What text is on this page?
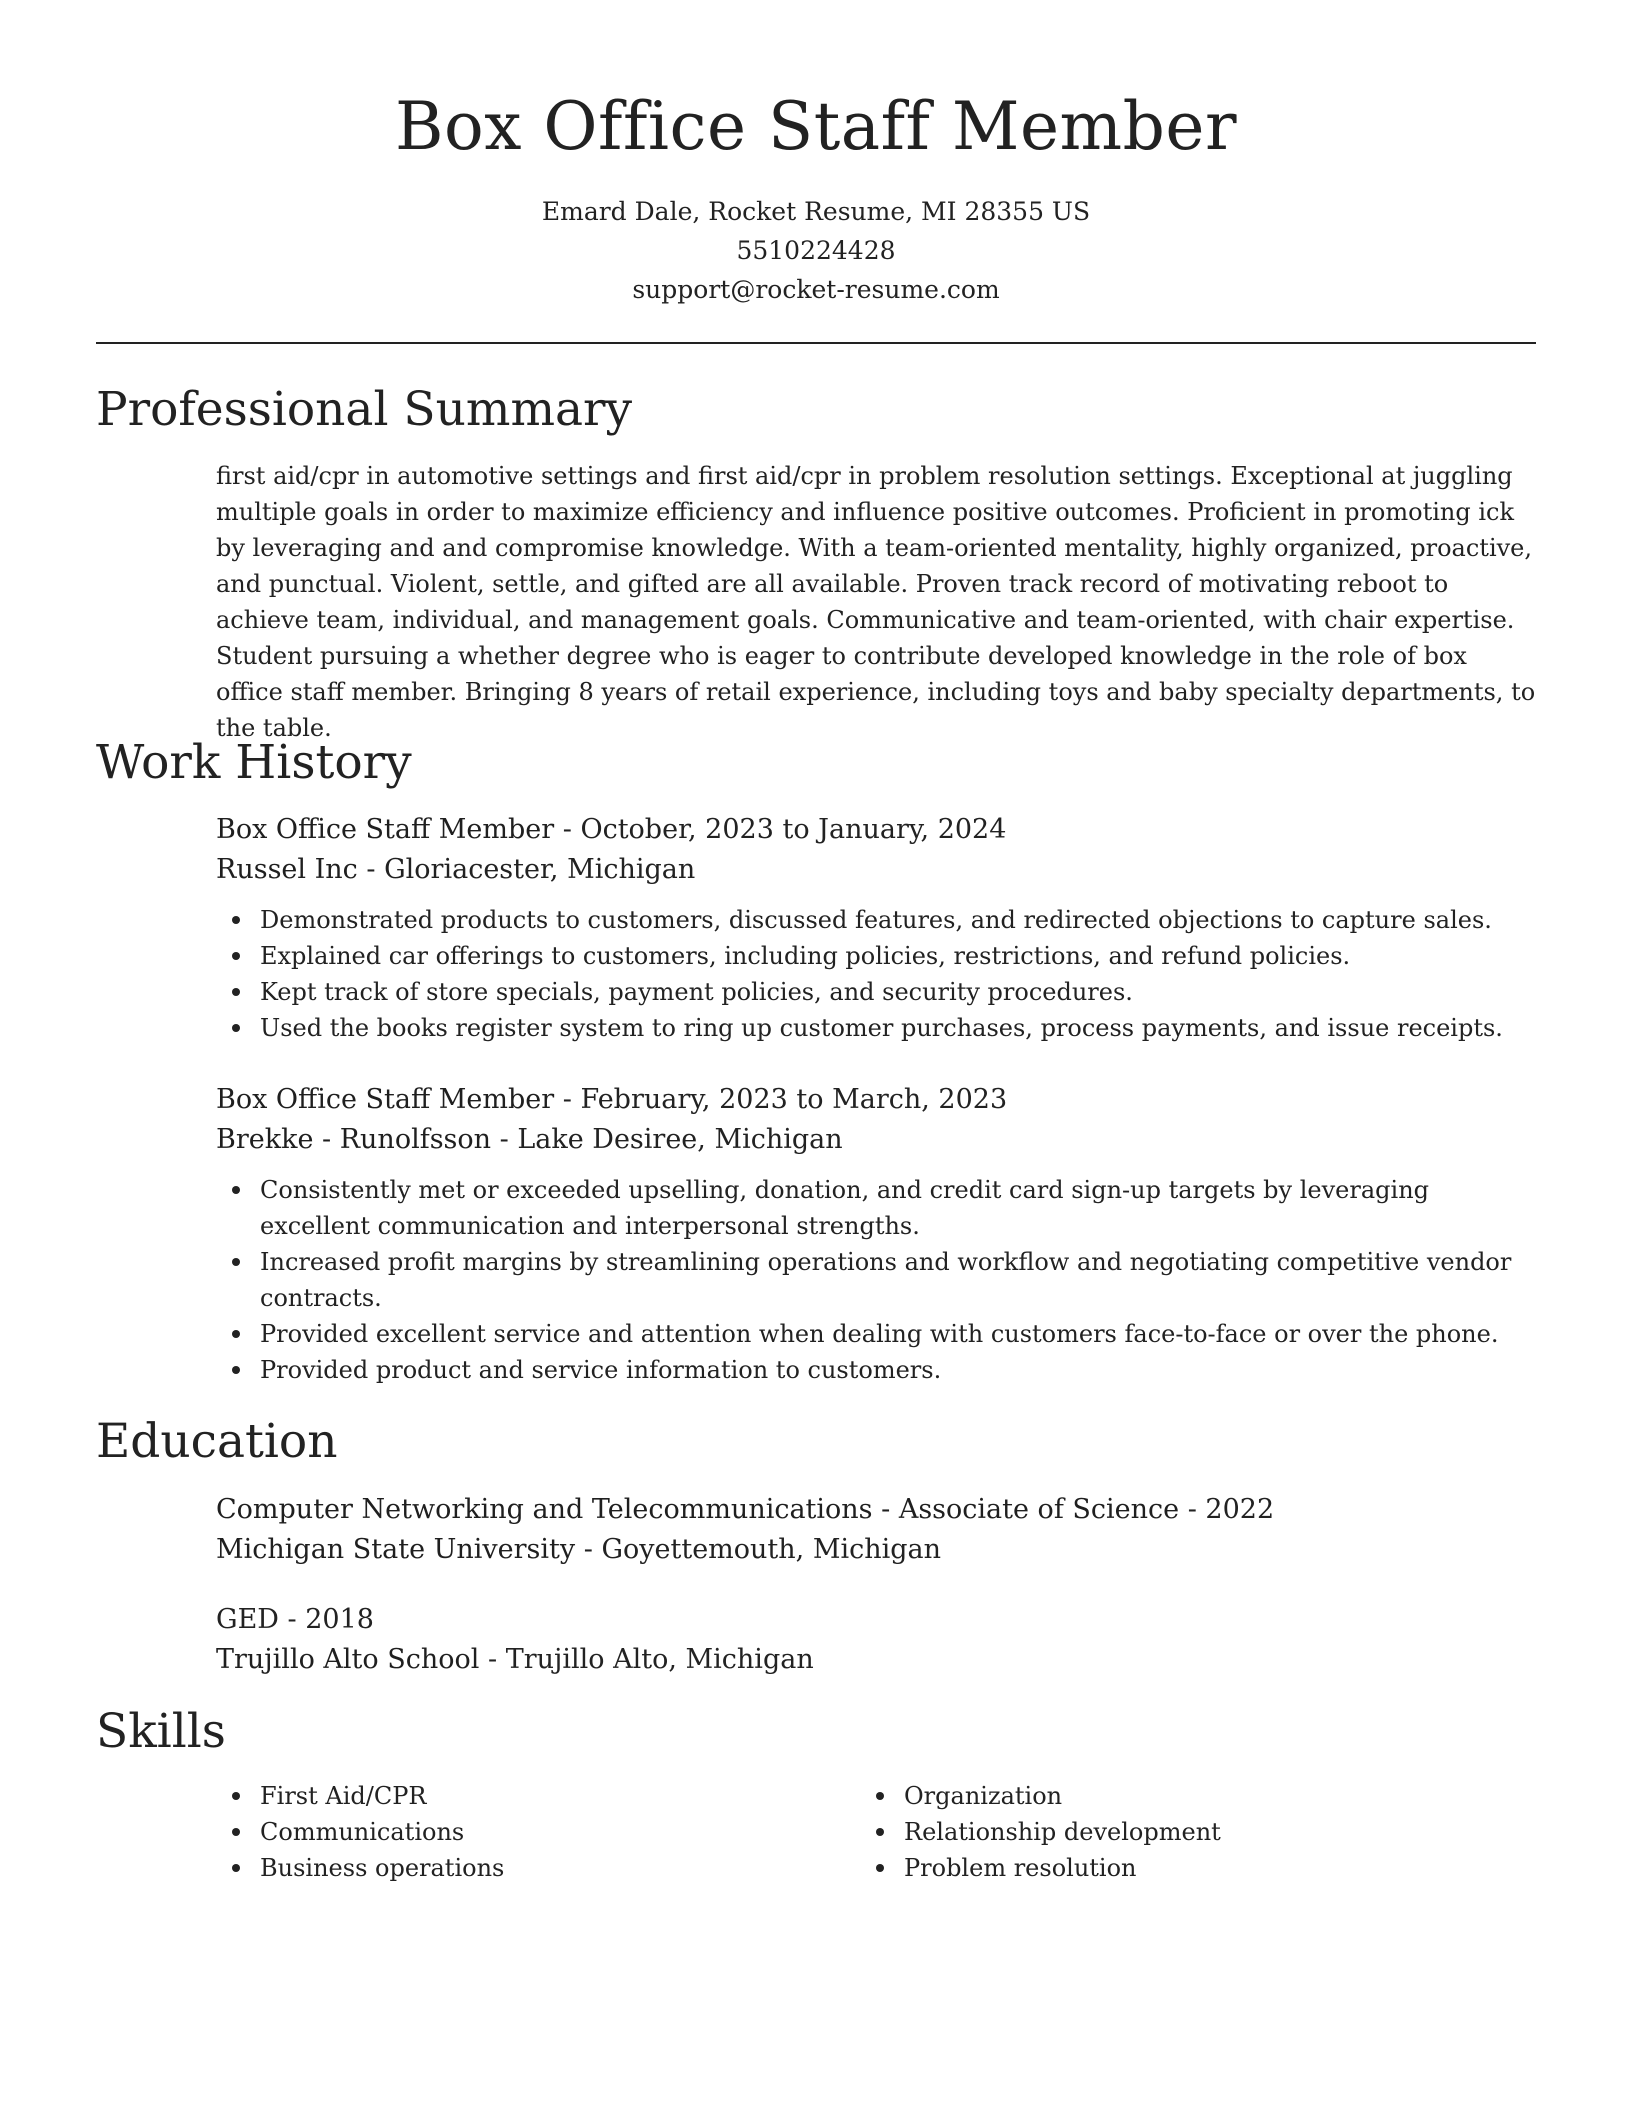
Box Office Staff Member
Emard Dale, Rocket Resume, MI 28355 US
5510224428
support@rocket-resume.com
Professional Summary

first aid/cpr in automotive settings and first aid/cpr in problem resolution settings. Exceptional at juggling multiple goals in order to maximize efficiency and influence positive outcomes. Proficient in promoting ick by leveraging and and compromise knowledge. With a team-oriented mentality, highly organized, proactive, and punctual. Violent, settle, and gifted are all available. Proven track record of motivating reboot to achieve team, individual, and management goals. Communicative and team-oriented, with chair expertise. Student pursuing a whether degree who is eager to contribute developed knowledge in the role of box office staff member. Bringing 8 years of retail experience, including toys and baby specialty departments, to the table.

Work History
Box Office Staff Member - October, 2023 to January, 2024
Russel Inc - Gloriacester, Michigan
Demonstrated products to customers, discussed features, and redirected objections to capture sales.
Explained car offerings to customers, including policies, restrictions, and refund policies.
Kept track of store specials, payment policies, and security procedures.
Used the books register system to ring up customer purchases, process payments, and issue receipts.
Box Office Staff Member - February, 2023 to March, 2023
Brekke - Runolfsson - Lake Desiree, Michigan
Consistently met or exceeded upselling, donation, and credit card sign-up targets by leveraging excellent communication and interpersonal strengths.
Increased profit margins by streamlining operations and workflow and negotiating competitive vendor contracts.
Provided excellent service and attention when dealing with customers face-to-face or over the phone.
Provided product and service information to customers.
Education
Computer Networking and Telecommunications - Associate of Science - 2022
Michigan State University - Goyettemouth, Michigan
GED - 2018
Trujillo Alto School - Trujillo Alto, Michigan
Skills
First Aid/CPR
Communications
Business operations
Organization
Relationship development
Problem resolution
